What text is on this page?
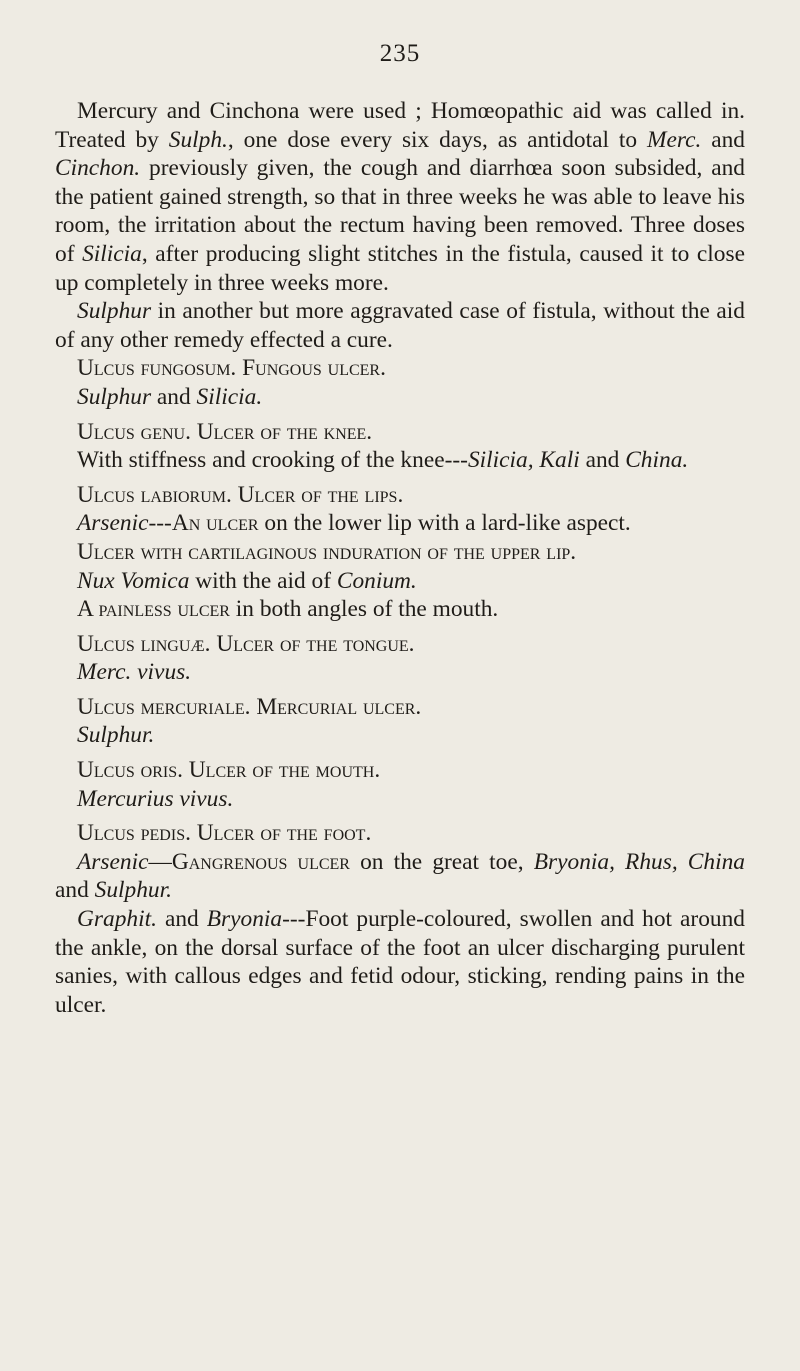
235

Mercury and Cinchona were used ; Homœopathic aid was called in. Treated by Sulph., one dose every six days, as antidotal to Merc. and Cinchon. previously given, the cough and diarrhœa soon subsided, and the patient gained strength, so that in three weeks he was able to leave his room, the irritation about the rectum having been removed. Three doses of Silicia, after producing slight stitches in the fistula, caused it to close up completely in three weeks more.

Sulphur in another but more aggravated case of fistula, without the aid of any other remedy effected a cure.

Ulcus fungosum. Fungous ulcer.

Sulphur and Silicia.

Ulcus genu. Ulcer of the knee.

With stiffness and crooking of the knee---Silicia, Kali and China.

Ulcus labiorum. Ulcer of the lips.

Arsenic---An ulcer on the lower lip with a lard-like aspect.

Ulcer with cartilaginous induration of the upper lip.

Nux Vomica with the aid of Conium.

A painless ulcer in both angles of the mouth.

Ulcus linguæ. Ulcer of the tongue.

Merc. vivus.

Ulcus mercuriale. Mercurial ulcer.

Sulphur.

Ulcus oris. Ulcer of the mouth.

Mercurius vivus.

Ulcus pedis. Ulcer of the foot.

Arsenic—Gangrenous ulcer on the great toe, Bryonia, Rhus, China and Sulphur.

Graphit. and Bryonia---Foot purple-coloured, swollen and hot around the ankle, on the dorsal surface of the foot an ulcer discharging purulent sanies, with callous edges and fetid odour, sticking, rending pains in the ulcer.
